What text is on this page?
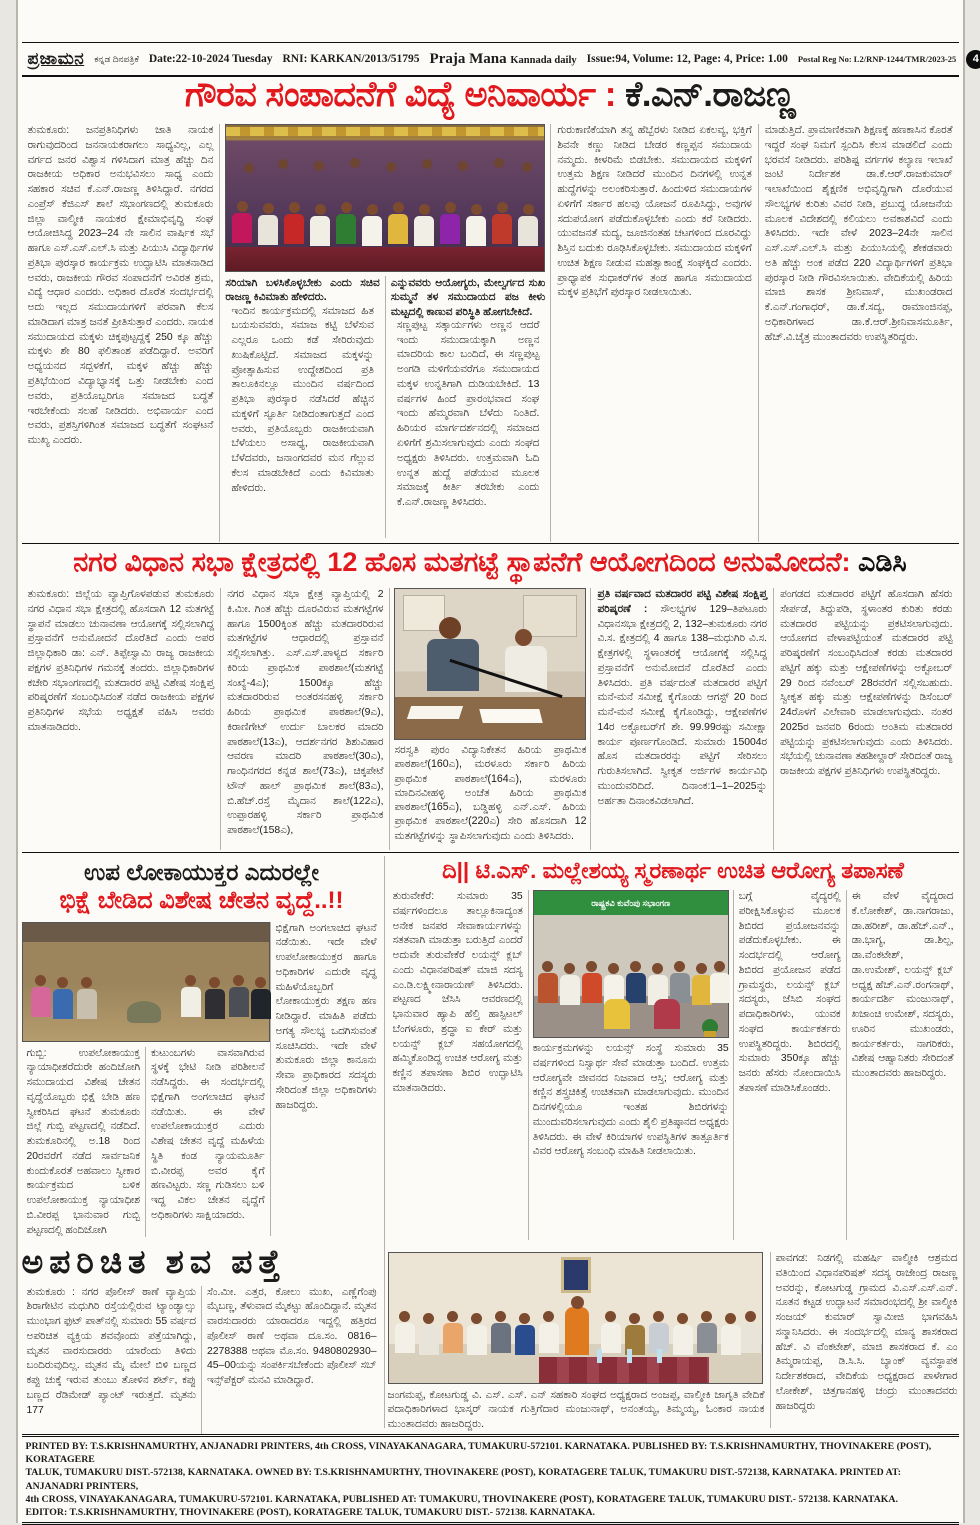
ಪ್ರಜಾಮನ ಕನ್ನಡ ದಿನಪತ್ರಿಕೆ Date:22-10-2024 Tuesday RNI: KARKAN/2013/51795 Praja Mana Kannada daily Issue:94, Volume: 12, Page: 4, Price: 1.00 Postal Reg No: L2/RNP-1244/TMR/2023-25	4
ಗೌರವ ಸಂಪಾದನೆಗೆ ವಿದ್ಯೆ ಅನಿವಾರ್ಯ : ಕೆ.ಎನ್.ರಾಜಣ್ಣ
ತುಮಕೂರು: ಜನಪ್ರತಿನಿಧಿಗಳು ಜಾತಿ ನಾಯಕ ರಾಗುವುದರಿಂದ ಜನನಾಯಕರಾಗಲು ಸಾಧ್ಯವಿಲ್ಲ, ಎಲ್ಲ ವರ್ಗದ ಜನರ ವಿಶ್ವಾಸ ಗಳಿಸಿದಾಗ ಮಾತ್ರ ಹೆಚ್ಚು ದಿನ ರಾಜಕೀಯ ಅಧಿಕಾರ ಅನುಭವಿಸಲು ಸಾಧ್ಯ ಎಂದು ಸಹಕಾರ ಸಚಿವ ಕೆ.ಎನ್.ರಾಜಣ್ಣ ತಿಳಿಸಿದ್ದಾರೆ. ನಗರದ ಎಂಪ್ರೆಸ್ ಕೆಜಿಎಸ್ ಶಾಲೆ ಸಭಾಂಗಣದಲ್ಲಿ ತುಮಕೂರು ಜಿಲ್ಲಾ ವಾಲ್ಮೀಕಿ ನಾಯಕರ ಕ್ಷೇಮಾಭಿವೃದ್ಧಿ ಸಂಘ ಆಯೋಜಿಸಿದ್ದ 2023–24 ನೇ ಸಾಲಿನ ವಾರ್ಷಿಕ ಸಭೆ ಹಾಗೂ ಎಸ್.ಎಸ್.ಎಲ್.ಸಿ ಮತ್ತು ಪಿಯುಸಿ ವಿದ್ಯಾರ್ಥಿಗಳ ಪ್ರತಿಭಾ ಪುರಸ್ಕಾರ ಕಾರ್ಯಕ್ರಮ ಉದ್ಘಾಟಿಸಿ ಮಾತನಾಡಿದ ಅವರು, ರಾಜಕೀಯ ಗೌರವ ಸಂಪಾದನೆಗೆ ಅವಿರತ ಶ್ರಮ, ವಿದ್ಯೆ ಆಧಾರ ಎಂದರು. ಅಧಿಕಾರ ದೊರೆತ ಸಂದರ್ಭದಲ್ಲಿ ಅದು ಇಲ್ಲದ ಸಮುದಾಯಗಳಿಗೆ ಪರವಾಗಿ ಕೆಲಸ ಮಾಡಿದಾಗ ಮಾತ್ರ ಜನತೆ ಪ್ರೀತಿಸುತ್ತಾರೆ ಎಂದರು. ನಾಯಕ ಸಮುದಾಯದ ಮಕ್ಕಳು ಚಿಕ್ಕಪುಟ್ಟದ್ದಕ್ಕೆ 250 ಕ್ಕೂ ಹೆಚ್ಚು ಮಕ್ಕಳು ಶೇ 80 ಫಲಿತಾಂಶ ಪಡೆದಿದ್ದಾರೆ. ಅವರಿಗೆ ಅಧ್ಯಯನದ ಸದ್ಬಳಕೆಗೆ, ಮಕ್ಕಳ ಹೆಚ್ಚು ಹೆಚ್ಚು ಪ್ರತಿಭೆಯಿಂದ ವಿದ್ಯಾಭ್ಯಾಸಕ್ಕೆ ಒತ್ತು ನೀಡಬೇಕು ಎಂದ ಅವರು, ಪ್ರತಿಯೊಬ್ಬರಿಗೂ ಸಮಾಜದ ಬದ್ಧತೆ ಇರಬೇಕೆಂದು ಸಲಹೆ ನೀಡಿದರು. ಅಭಿವಾರ್ಯ ಎಂದ ಅವರು, ಪ್ರಶಸ್ತಿಗಳಿಗಿಂತ ಸಮಾಜದ ಬದ್ಧತೆಗೆ ಸಂಘಟನೆ ಮುಖ್ಯ ಎಂದರು.
ಸರಿಯಾಗಿ ಬಳಸಿಕೊಳ್ಳಬೇಕು ಎಂದು ಸಚಿವ ರಾಜಣ್ಣ ಕಿವಿಮಾತು ಹೇಳಿದರು.
ಇಂದಿನ ಕಾರ್ಯಕ್ರಮದಲ್ಲಿ ಸಮಾಜದ ಹಿತ ಬಯಸುವವರು, ಸಮಾಜ ಕಟ್ಟಿ ಬೆಳೆಸುವ ಎಲ್ಲರೂ ಒಂದು ಕಡೆ ಸೇರಿರುವುದು ಖುಷಿಕೊಟ್ಟಿದೆ. ಸಮಾಜದ ಮಕ್ಕಳನ್ನು ಪ್ರೋತ್ಸಾಹಿಸುವ ಉದ್ದೇಶದಿಂದ ಪ್ರತಿ ತಾಲೂಕಿನಲ್ಲೂ ಮುಂದಿನ ವರ್ಷದಿಂದ ಪ್ರತಿಭಾ ಪುರಸ್ಕಾರ ನಡೆಸಿದರೆ ಹೆಚ್ಚಿನ ಮಕ್ಕಳಿಗೆ ಸ್ಫೂರ್ತಿ ನೀಡಿದಂತಾಗುತ್ತದೆ ಎಂದ ಅವರು, ಪ್ರತಿಯೊಬ್ಬರು ರಾಜಕೀಯವಾಗಿ ಬೆಳೆಯಲು ಅಸಾಧ್ಯ, ರಾಜಕೀಯವಾಗಿ ಬೆಳೆದವರು, ಜನಾಂಗದವರ ಮನ ಗೆಲ್ಲುವ ಕೆಲಸ ಮಾಡಬೇಕಿದೆ ಎಂದು ಕಿವಿಮಾತು ಹೇಳಿದರು.
ಎನ್ನುವವರು ಆಯೋಗ್ಯರು, ಮೇಲ್ವರ್ಗದ ಸುಖ ಸುಮ್ಮನೆ ತಳ ಸಮುದಾಯದ ಪಜ ಕೀಳು ಮಟ್ಟದಲ್ಲಿ ಕಾಣುವ ಪರಿಸ್ಥಿತಿ ಹೋಗಬೇಕಿದೆ.
ಸಣ್ಣಪುಟ್ಟ ಸತ್ಕಾರ್ಯಗಳು ಅಣ್ಣನ ಆದರೆ ಇಂದು ಸಮುದಾಯಕ್ಕಾಗಿ ಅಣ್ಣನ ಮಾದರಿಯ ಕಾಲ ಬಂದಿದೆ, ಈ ಸಣ್ಣಪುಟ್ಟ ಅಂಗಡಿ ಮಳಿಗೆಯವರೆಗೂ ಸಮುದಾಯದ ಮಕ್ಕಳ ಉನ್ನತಿಗಾಗಿ ದುಡಿಯಬೇಕಿದೆ. 13 ವರ್ಷಗಳ ಹಿಂದೆ ಪ್ರಾರಂಭವಾದ ಸಂಘ ಇಂದು ಹೆಮ್ಮರವಾಗಿ ಬೆಳೆದು ನಿಂತಿದೆ. ಹಿರಿಯರ ಮಾರ್ಗದರ್ಶನದಲ್ಲಿ ಸಮಾಜದ ಏಳಿಗೆಗೆ ಶ್ರಮಿಸಲಾಗುವುದು ಎಂದು ಸಂಘದ ಅಧ್ಯಕ್ಷರು ತಿಳಿಸಿದರು. ಉತ್ತಮವಾಗಿ ಓದಿ ಉನ್ನತ ಹುದ್ದೆ ಪಡೆಯುವ ಮೂಲಕ ಸಮಾಜಕ್ಕೆ ಕೀರ್ತಿ ತರಬೇಕು ಎಂದು ಕೆ.ಎನ್.ರಾಜಣ್ಣ ತಿಳಿಸಿದರು.
ಗುರುಕಾಣಿಕೆಯಾಗಿ ತನ್ನ ಹೆಬ್ಬೆರಳು ನೀಡಿದ ಏಕಲವ್ಯ, ಭಕ್ತಿಗೆ ಶಿವನೇ ಕಣ್ಣು ನೀಡಿದ ಬೇಡರ ಕಣ್ಣಪ್ಪನ ಸಮುದಾಯ ನಮ್ಮದು. ಕೀಳರಿಮೆ ಬಿಡಬೇಕು. ಸಮುದಾಯದ ಮಕ್ಕಳಿಗೆ ಉತ್ತಮ ಶಿಕ್ಷಣ ನೀಡಿದರೆ ಮುಂದಿನ ದಿನಗಳಲ್ಲಿ ಉನ್ನತ ಹುದ್ದೆಗಳನ್ನು ಅಲಂಕರಿಸುತ್ತಾರೆ. ಹಿಂದುಳಿದ ಸಮುದಾಯಗಳ ಏಳಿಗೆಗೆ ಸರ್ಕಾರ ಹಲವು ಯೋಜನೆ ರೂಪಿಸಿದ್ದು, ಅವುಗಳ ಸದುಪಯೋಗ ಪಡೆದುಕೊಳ್ಳಬೇಕು ಎಂದು ಕರೆ ನೀಡಿದರು. ಯುವಜನತೆ ಮದ್ಯ, ಜೂಜಿನಂತಹ ಚಟಗಳಿಂದ ದೂರವಿದ್ದು ಶಿಸ್ತಿನ ಬದುಕು ರೂಢಿಸಿಕೊಳ್ಳಬೇಕು. ಸಮುದಾಯದ ಮಕ್ಕಳಿಗೆ ಉಚಿತ ಶಿಕ್ಷಣ ನೀಡುವ ಮಹತ್ವಾಕಾಂಕ್ಷೆ ಸಂಘಕ್ಕಿದೆ ಎಂದರು. ಪ್ರಾಧ್ಯಾಪಕ ಸುಧಾಕರ್‌ಗಳ ತಂಡ ಹಾಗೂ ಸಮುದಾಯದ ಮಕ್ಕಳ ಪ್ರತಿಭೆಗೆ ಪುರಸ್ಕಾರ ನೀಡಲಾಯಿತು.
ಮಾಡುತ್ತಿದೆ. ಪ್ರಾಮಾಣಿಕವಾಗಿ ಶಿಕ್ಷಣಕ್ಕೆ ಹಣಕಾಸಿನ ಕೊರತೆ ಇದ್ದರೆ ಸಂಘ ನಿಮಗೆ ಸ್ಪಂದಿಸಿ ಕೆಲಸ ಮಾಡಲಿದೆ ಎಂದು ಭರವಸೆ ನೀಡಿದರು. ಪರಿಶಿಷ್ಟ ವರ್ಗಗಳ ಕಲ್ಯಾಣ ಇಲಾಖೆ ಜಂಟಿ ನಿರ್ದೇಶಕ ಡಾ.ಕೆ.ಆರ್.ರಾಜಕುಮಾರ್ ಇಲಾಖೆಯಿಂದ ಶೈಕ್ಷಣಿಕ ಅಭಿವೃದ್ಧಿಗಾಗಿ ದೊರೆಯುವ ಸೌಲಭ್ಯಗಳ ಕುರಿತು ವಿವರ ನೀಡಿ, ಪ್ರಬುದ್ಧ ಯೋಜನೆಯ ಮೂಲಕ ವಿದೇಶದಲ್ಲಿ ಕಲಿಯಲು ಅವಕಾಶವಿದೆ ಎಂದು ತಿಳಿಸಿದರು. ಇದೇ ವೇಳೆ 2023–24ನೇ ಸಾಲಿನ ಎಸ್.ಎಸ್.ಎಲ್.ಸಿ ಮತ್ತು ಪಿಯುಸಿಯಲ್ಲಿ ಶೇಕಡವಾರು ಅತಿ ಹೆಚ್ಚು ಅಂಕ ಪಡೆದ 220 ವಿದ್ಯಾರ್ಥಿಗಳಿಗೆ ಪ್ರತಿಭಾ ಪುರಸ್ಕಾರ ನೀಡಿ ಗೌರವಿಸಲಾಯಿತು. ವೇದಿಕೆಯಲ್ಲಿ ಹಿರಿಯ ಮಾಜಿ ಶಾಸಕ ಶ್ರೀನಿವಾಸ್, ಮುಖಂಡರಾದ ಕೆ.ಎನ್.ಗಂಗಾಧರ್, ಡಾ.ಕೆ.ಸದ್ಯ, ರಾಮಾಂಜಿನಪ್ಪ, ಅಧಿಕಾರಿಗಳಾದ ಡಾ.ಕೆ.ಆರ್.ಶ್ರೀನಿವಾಸಮೂರ್ತಿ, ಹೆಚ್.ವಿ.ಚೈತ್ರ ಮುಂತಾದವರು ಉಪಸ್ಥಿತರಿದ್ದರು.
ನಗರ ವಿಧಾನ ಸಭಾ ಕ್ಷೇತ್ರದಲ್ಲಿ 12 ಹೊಸ ಮತಗಟ್ಟೆ ಸ್ಥಾಪನೆಗೆ ಆಯೋಗದಿಂದ ಅನುಮೋದನೆ: ಎಡಿಸಿ
ತುಮಕೂರು: ಜಿಲ್ಲೆಯ ವ್ಯಾಪ್ತಿಗೊಳಪಡುವ ತುಮಕೂರು ನಗರ ವಿಧಾನ ಸಭಾ ಕ್ಷೇತ್ರದಲ್ಲಿ ಹೊಸದಾಗಿ 12 ಮತಗಟ್ಟೆ ಸ್ಥಾಪನೆ ಮಾಡಲು ಚುನಾವಣಾ ಆಯೋಗಕ್ಕೆ ಸಲ್ಲಿಸಲಾಗಿದ್ದ ಪ್ರಸ್ತಾವನೆಗೆ ಅನುಮೋದನೆ ದೊರೆತಿದೆ ಎಂದು ಅಪರ ಜಿಲ್ಲಾಧಿಕಾರಿ ಡಾ: ಎನ್. ತಿಪ್ಪೇಸ್ವಾಮಿ ರಾಜ್ಯ ರಾಜಕೀಯ ಪಕ್ಷಗಳ ಪ್ರತಿನಿಧಿಗಳ ಗಮನಕ್ಕೆ ತಂದರು. ಜಿಲ್ಲಾಧಿಕಾರಿಗಳ ಕಚೇರಿ ಸಭಾಂಗಣದಲ್ಲಿ ಮತದಾರರ ಪಟ್ಟಿ ವಿಶೇಷ ಸಂಕ್ಷಿಪ್ತ ಪರಿಷ್ಕರಣೆಗೆ ಸಂಬಂಧಿಸಿದಂತೆ ನಡೆದ ರಾಜಕೀಯ ಪಕ್ಷಗಳ ಪ್ರತಿನಿಧಿಗಳ ಸಭೆಯ ಅಧ್ಯಕ್ಷತೆ ವಹಿಸಿ ಅವರು ಮಾತನಾಡಿದರು.
ನಗರ ವಿಧಾನ ಸಭಾ ಕ್ಷೇತ್ರ ವ್ಯಾಪ್ತಿಯಲ್ಲಿ 2 ಕಿ.ಮೀ. ಗಿಂತ ಹೆಚ್ಚು ದೂರವಿರುವ ಮತಗಟ್ಟೆಗಳ ಹಾಗೂ 1500ಕ್ಕಿಂತ ಹೆಚ್ಚು ಮತದಾರರಿರುವ ಮತಗಟ್ಟೆಗಳ ಆಧಾರದಲ್ಲಿ ಪ್ರಸ್ತಾವನೆ ಸಲ್ಲಿಸಲಾಗಿತ್ತು. ಎಸ್.ಎಸ್.ಪಾಳ್ಯದ ಸರ್ಕಾರಿ ಕಿರಿಯ ಪ್ರಾಥಮಿಕ ಪಾಠಶಾಲೆ(ಮತಗಟ್ಟೆ ಸಂಖ್ಯೆ-4ಎ); 1500ಕ್ಕೂ ಹೆಚ್ಚು ಮತದಾರರಿರುವ ಅಂತರಸನಹಳ್ಳಿ ಸರ್ಕಾರಿ ಹಿರಿಯ ಪ್ರಾಥಮಿಕ ಪಾಠಶಾಲೆ(9ಎ), ಕಿರಾಣಿಗೇಟ್ ಉರ್ದು ಬಾಲಕರ ಮಾದರಿ ಪಾಠಶಾಲೆ(13ಎ), ಆದರ್ಶನಗರ ಶಿಶುವಿಹಾರ ಆವರಣ ಮಾದರಿ ಪಾಠಶಾಲೆ(30ಎ), ಗಾಂಧಿನಗರದ ಕನ್ನಡ ಶಾಲೆ(73ಎ), ಚಿಕ್ಕಪೇಟೆ ಟೌನ್ ಹಾಲ್ ಪ್ರಾಥಮಿಕ ಶಾಲೆ(83ಎ), ಬಿ.ಹೆಚ್.ರಸ್ತೆ ಮೈದಾನ ಶಾಲೆ(122ಎ), ಉಪ್ಪಾರಹಳ್ಳಿ ಸರ್ಕಾರಿ ಪ್ರಾಥಮಿಕ ಪಾಠಶಾಲೆ(158ಎ),
ಸರಸ್ವತಿ ಪುರಂ ವಿದ್ಯಾನಿಕೇತನ ಹಿರಿಯ ಪ್ರಾಥಮಿಕ ಪಾಠಶಾಲೆ(160ಎ), ಮರಳೂರು ಸರ್ಕಾರಿ ಹಿರಿಯ ಪ್ರಾಥಮಿಕ ಪಾಠಶಾಲೆ(164ಎ), ಮರಳೂರು ಮಾದಿನವೀಹಳ್ಳಿ ಅಂಚೆತ ಹಿರಿಯ ಪ್ರಾಥಮಿಕ ಪಾಠಶಾಲೆ(165ಎ), ಬಡ್ಡಿಹಳ್ಳಿ ಎನ್.ಎಸ್. ಹಿರಿಯ ಪ್ರಾಥಮಿಕ ಪಾಠಶಾಲೆ(220ಎ) ಸೇರಿ ಹೊಸದಾಗಿ 12 ಮತಗಟ್ಟೆಗಳನ್ನು ಸ್ಥಾಪಿಸಲಾಗುವುದು ಎಂದು ತಿಳಿಸಿದರು.
ಪ್ರತಿ ವರ್ಷವಾದ ಮತದಾರರ ಪಟ್ಟಿ ವಿಶೇಷ ಸಂಕ್ಷಿಪ್ತ ಪರಿಷ್ಕರಣೆ : ಸೌಲಭ್ಯಗಳ 129–ತಿಪಟೂರು ವಿಧಾನಸಭಾ ಕ್ಷೇತ್ರದಲ್ಲಿ 2, 132–ತುಮಕೂರು ನಗರ ವಿ.ಸ. ಕ್ಷೇತ್ರದಲ್ಲಿ 4 ಹಾಗೂ 138–ಮಧುಗಿರಿ ವಿ.ಸ. ಕ್ಷೇತ್ರಗಳಲ್ಲಿ ಸ್ಥಳಾಂತರಕ್ಕೆ ಆಯೋಗಕ್ಕೆ ಸಲ್ಲಿಸಿದ್ದ ಪ್ರಸ್ತಾವನೆಗೆ ಅನುಮೋದನೆ ದೊರೆತಿದೆ ಎಂದು ತಿಳಿಸಿದರು. ಪ್ರತಿ ವರ್ಷದಂತೆ ಮತದಾರರ ಪಟ್ಟಿಗೆ ಮನೆ-ಮನೆ ಸಮೀಕ್ಷೆ ಕೈಗೊಂಡು ಆಗಸ್ಟ್ 20 ರಿಂದ ಮನೆ-ಮನೆ ಸಮೀಕ್ಷೆ ಕೈಗೊಂಡಿದ್ದು, ಆಕ್ಷೇಪಣೆಗಳ 14ರ ಅಕ್ಟೋಬರ್‌ಗೆ ಶೇ. 99.99ರಷ್ಟು ಸಮೀಕ್ಷಾ ಕಾರ್ಯ ಪೂರ್ಣಗೊಂಡಿದೆ. ಸುಮಾರು 15004ರ ಹೊಸ ಮತದಾರರನ್ನು ಪಟ್ಟಿಗೆ ಸೇರಿಸಲು ಗುರುತಿಸಲಾಗಿದೆ. ಸ್ವೀಕೃತ ಅರ್ಜಿಗಳ ಕಾರ್ಯವಿಧಿ ಮುಂದುವರಿದಿದೆ. ದಿನಾಂಕ:1–1–2025ನ್ನು ಅರ್ಹತಾ ದಿನಾಂಕವಿಡಲಾಗಿದೆ.
ಪಂಗಡದ ಮತದಾರರ ಪಟ್ಟಿಗೆ ಹೊಸದಾಗಿ ಹೆಸರು ಸೇರ್ಪಡೆ, ತಿದ್ದುಪಡಿ, ಸ್ಥಳಾಂತರ ಕುರಿತು ಕರಡು ಮತದಾರರ ಪಟ್ಟಿಯನ್ನು ಪ್ರಕಟಿಸಲಾಗುವುದು. ಆಯೋಗದ ವೇಳಾಪಟ್ಟಿಯಂತೆ ಮತದಾರರ ಪಟ್ಟಿ ಪರಿಷ್ಕರಣೆಗೆ ಸಂಬಂಧಿಸಿದಂತೆ ಕರಡು ಮತದಾರರ ಪಟ್ಟಿಗೆ ಹಕ್ಕು ಮತ್ತು ಆಕ್ಷೇಪಣೆಗಳನ್ನು ಅಕ್ಟೋಬರ್ 29 ರಿಂದ ನವೆಂಬರ್ 28ರವರೆಗೆ ಸಲ್ಲಿಸಬಹುದು. ಸ್ವೀಕೃತ ಹಕ್ಕು ಮತ್ತು ಆಕ್ಷೇಪಣೆಗಳನ್ನು ಡಿಸೆಂಬರ್ 24ರೊಳಗೆ ವಿಲೇವಾರಿ ಮಾಡಲಾಗುವುದು. ನಂತರ 2025ರ ಜನವರಿ 6ರಂದು ಅಂತಿಮ ಮತದಾರರ ಪಟ್ಟಿಯನ್ನು ಪ್ರಕಟಿಸಲಾಗುವುದು ಎಂದು ತಿಳಿಸಿದರು. ಸಭೆಯಲ್ಲಿ ಚುನಾವಣಾ ತಹಶೀಲ್ದಾರ್ ಸೇರಿದಂತೆ ರಾಜ್ಯ ರಾಜಕೀಯ ಪಕ್ಷಗಳ ಪ್ರತಿನಿಧಿಗಳು ಉಪಸ್ಥಿತರಿದ್ದರು.
ಉಪ ಲೋಕಾಯುಕ್ತರ ಎದುರಲ್ಲೇ
ಭಿಕ್ಷೆ ಬೇಡಿದ ವಿಶೇಷ ಚೇತನ ವೃದ್ದೆ..!!
ಗುಬ್ಬಿ: ಉಪಲೋಕಾಯುಕ್ತ ನ್ಯಾಯಾಧೀಶರೆದುರೇ ಹಂದಿಜೋಗಿ ಸಮುದಾಯದ ವಿಶೇಷ ಚೇತನ ವೃದ್ದೆಯೊಬ್ಬರು ಭಿಕ್ಷೆ ಬೇಡಿ ಹಣ ಸ್ವೀಕರಿಸಿದ ಘಟನೆ ತುಮಕೂರು ಜಿಲ್ಲೆ ಗುಬ್ಬಿ ಪಟ್ಟಣದಲ್ಲಿ ನಡೆದಿದೆ. ತುಮಕೂರಿನಲ್ಲಿ ಅ.18 ರಿಂದ 20ರವರೆಗೆ ನಡೆದ ಸಾರ್ವಜನಿಕ ಕುಂದುಕೊರತೆ ಅಹವಾಲು ಸ್ವೀಕಾರ ಕಾರ್ಯಕ್ರಮದ ಬಳಿಕ ಉಪಲೋಕಾಯುಕ್ತ ನ್ಯಾಯಾಧೀಶ ಬಿ.ವೀರಪ್ಪ ಭಾನುವಾರ ಗುಬ್ಬಿ ಪಟ್ಟಣದಲ್ಲಿ ಹಂದಿಜೋಗಿ
ಕುಟುಂಬಗಳು ವಾಸವಾಗಿರುವ ಸ್ಥಳಕ್ಕೆ ಭೇಟಿ ನೀಡಿ ಪರಿಶೀಲನೆ ನಡೆಸಿದ್ದರು. ಈ ಸಂದರ್ಭದಲ್ಲಿ ಭಿಕ್ಷೆಗಾಗಿ ಅಂಗಲಾಚಿದ ಘಟನೆ ನಡೆಯಿತು. ಈ ವೇಳೆ ಉಪಲೋಕಾಯುಕ್ತರ ಎದುರು ವಿಶೇಷ ಚೇತನ ವೃದ್ದೆ ಮಹಿಳೆಯ ಸ್ಥಿತಿ ಕಂಡ ನ್ಯಾಯಮೂರ್ತಿ ಬಿ.ವೀರಪ್ಪ ಅವರ ಕೈಗೆ ಹಣವಿಟ್ಟರು. ಸಣ್ಣ ಗುಡಿಸಲು ಬಳಿ ಇದ್ದ ವಿಕಲ ಚೇತನ ವೃದ್ದೆಗೆ ಅಧಿಕಾರಿಗಳು ಸಾಕ್ಷಿಯಾದರು.
ಭಿಕ್ಷೆಗಾಗಿ ಅಂಗಲಾಚಿದ ಘಟನೆ ನಡೆಯಿತು. ಇದೇ ವೇಳೆ ಉಪಲೋಕಾಯುಕ್ತರ ಹಾಗೂ ಅಧಿಕಾರಿಗಳ ಎದುರೇ ವೃದ್ಧ ಮಹಿಳೆಯೊಬ್ಬರಿಗೆ ಲೋಕಾಯುಕ್ತರು ತಕ್ಷಣ ಹಣ ನೀಡಿದ್ದಾರೆ. ಮಾಹಿತಿ ಪಡೆದು ಅಗತ್ಯ ಸೌಲಭ್ಯ ಒದಗಿಸುವಂತೆ ಸೂಚಿಸಿದರು. ಇದೇ ವೇಳೆ ತುಮಕೂರು ಜಿಲ್ಲಾ ಕಾನೂನು ಸೇವಾ ಪ್ರಾಧಿಕಾರದ ಸದಸ್ಯರು ಸೇರಿದಂತೆ ಜಿಲ್ಲಾ ಅಧಿಕಾರಿಗಳು ಹಾಜರಿದ್ದರು.
ಅಪರಿಚಿತ ಶವ ಪತ್ತೆ
ತುಮಕೂರು : ನಗರ ಪೊಲೀಸ್ ಠಾಣೆ ವ್ಯಾಪ್ತಿಯ ಶಿರಾಗೇಟಿನ ಮಧುಗಿರಿ ರಸ್ತೆಯಲ್ಲಿರುವ ಟ್ಯಾಂಡ್ಯಾಲ್ಸು ಮುಂಭಾಗ ಫುಟ್ ಪಾತ್‌ನಲ್ಲಿ ಸುಮಾರು 55 ವರ್ಷದ ಅಪರಿಚಿತ ವ್ಯಕ್ತಿಯ ಶವವೊಂದು ಪತ್ತೆಯಾಗಿದ್ದು, ಮೃತನ ವಾರಸುದಾರರು ಯಾರೆಂದು ತಿಳಿದು ಬಂದಿರುವುದಿಲ್ಲ. ಮೃತನ ಮೈ ಮೇಲೆ ಬಿಳಿ ಬಣ್ಣದ ಕಪ್ಪು ಚುಕ್ಕೆ ಇರುವ ತುಂಬು ತೋಳಿನ ಶರ್ಟ್, ಕಪ್ಪು ಬಣ್ಣದ ರೆಡಿಮೇಡ್ ಪ್ಯಾಂಟ್ ಇರುತ್ತದೆ. ಮೃತನು 177
ಸೆಂ.ಮೀ. ಎತ್ತರ, ಕೋಲು ಮುಖ, ಎಣ್ಣೆಗೆಂಪು ಮೈಬಣ್ಣ, ತೆಳುವಾದ ಮೈಕಟ್ಟು ಹೊಂದಿದ್ದಾನೆ. ಮೃತನ ವಾರಸುದಾರರು ಯಾರಾದರೂ ಇದ್ದಲ್ಲಿ ಹತ್ತಿರದ ಪೊಲೀಸ್ ಠಾಣೆ ಅಥವಾ ದೂ.ಸಂ. 0816–2278388 ಅಥವಾ ಮೊ.ಸಂ. 9480802930–45–00ಯನ್ನು ಸಂಪರ್ಕಿಸಬೇಕೆಂದು ಪೊಲೀಸ್ ಸಬ್ ಇನ್ಸ್‌ಪೆಕ್ಟರ್ ಮನವಿ ಮಾಡಿದ್ದಾರೆ.
ದಿ|| ಟಿ.ಎಸ್. ಮಲ್ಲೇಶಯ್ಯ ಸ್ಮರಣಾರ್ಥ ಉಚಿತ ಆರೋಗ್ಯ ತಪಾಸಣೆ
ತುರುವೇಕೆರೆ: ಸುಮಾರು 35 ವರ್ಷಗಳಿಂದಲೂ ತಾಲ್ಲೂಕಿನಾದ್ಯಂತ ಅನೇಕ ಜನಪರ ಸೇವಾಕಾರ್ಯಗಳನ್ನು ಸತತವಾಗಿ ಮಾಡುತ್ತಾ ಬರುತ್ತಿದೆ ಎಂದರೆ ಅದುವೇ ತುರುವೇಕೆರೆ ಲಯನ್ಸ್ ಕ್ಲಬ್ ಎಂದು ವಿಧಾನಪರಿಷತ್ ಮಾಜಿ ಸದಸ್ಯ ಎಂ.ಡಿ.ಲಕ್ಷ್ಮೀನಾರಾಯಣ್ ತಿಳಿಸಿದರು. ಪಟ್ಟಣದ ಜೆಸಿಸಿ ಆವರಣದಲ್ಲಿ ಭಾನುವಾರ ಹ್ಯಾಪಿ ಹೆಲ್ತಿ ಹಾಸ್ಪಿಟಲ್ ಬೆಂಗಳೂರು, ಶ್ರದ್ಧಾ ಐ ಕೇರ್ ಮತ್ತು ಲಯನ್ಸ್ ಕ್ಲಬ್ ಸಹಯೋಗದಲ್ಲಿ ಹಮ್ಮಿಕೊಂಡಿದ್ದ ಉಚಿತ ಆರೋಗ್ಯ ಮತ್ತು ಕಣ್ಣಿನ ತಪಾಸಣಾ ಶಿಬಿರ ಉದ್ಘಾಟಿಸಿ ಮಾತನಾಡಿದರು.
ರಾಷ್ಟ್ರಕವಿ ಕುವೆಂಪು ಸಭಾಂಗಣ
ಕಾರ್ಯಕ್ರಮಗಳನ್ನು ಲಯನ್ಸ್ ಸಂಸ್ಥೆ ಸುಮಾರು 35 ವರ್ಷಗಳಿಂದ ನಿಸ್ವಾರ್ಥ ಸೇವೆ ಮಾಡುತ್ತಾ ಬಂದಿದೆ. ಉತ್ತಮ ಆರೋಗ್ಯವೇ ಜೀವನದ ನಿಜವಾದ ಆಸ್ತಿ; ಆರೋಗ್ಯ ಮತ್ತು ಕಣ್ಣಿನ ಶಸ್ತ್ರಚಿಕಿತ್ಸೆ ಉಚಿತವಾಗಿ ಮಾಡಲಾಗುವುದು. ಮುಂದಿನ ದಿನಗಳಲ್ಲಿಯೂ ಇಂತಹ ಶಿಬಿರಗಳನ್ನು ಮುಂದುವರಿಸಲಾಗುವುದು ಎಂದು ಶೈಲಿ ಪ್ರತಿಷ್ಠಾನದ ಅಧ್ಯಕ್ಷರು ತಿಳಿಸಿದರು. ಈ ವೇಳೆ ಕಿರಿಯಾಗಳ ಉಪಸ್ಥಿತಿಗಳ ತಾತ್ಪೂರ್ತಿಕ ವಿವರ ಆರೋಗ್ಯ ಸಂಬಂಧಿ ಮಾಹಿತಿ ನೀಡಲಾಯಿತು.
ಬಗ್ಗೆ ವೈದ್ಯರಲ್ಲಿ ಪರೀಕ್ಷಿಸಿಕೊಳ್ಳುವ ಮೂಲಕ ಶಿಬಿರದ ಪ್ರಯೋಜನವನ್ನು ಪಡೆದುಕೊಳ್ಳಬೇಕು. ಈ ಸಂದರ್ಭದಲ್ಲಿ ಆರೋಗ್ಯ ಶಿಬಿರದ ಪ್ರಯೋಜನ ಪಡೆದ ಗ್ರಾಮಸ್ಥರು, ಲಯನ್ಸ್ ಕ್ಲಬ್ ಸದಸ್ಯರು, ಜೆಸಿಬಿ ಸಂಘದ ಪದಾಧಿಕಾರಿಗಳು, ಯುವಕ ಸಂಘದ ಕಾರ್ಯಕರ್ತರು ಉಪಸ್ಥಿತರಿದ್ದರು. ಶಿಬಿರದಲ್ಲಿ ಸುಮಾರು 350ಕ್ಕೂ ಹೆಚ್ಚು ಜನರು ಹೆಸರು ನೋಂದಾಯಿಸಿ ತಪಾಸಣೆ ಮಾಡಿಸಿಕೊಂಡರು.
ಈ ವೇಳೆ ವೈದ್ಯರಾದ ಕೆ.ಲೋಕೇಶ್, ಡಾ.ನಾಗರಾಜು, ಡಾ.ಹರೀಶ್, ಡಾ.ಹೆಚ್.ಎನ್., ಡಾ.ಭಾಗ್ಯ, ಡಾ.ಶಿಲ್ಪ, ಡಾ.ವೆಂಕಟೇಶ್, ಡಾ.ಉಮೇಶ್, ಲಯನ್ಸ್ ಕ್ಲಬ್ ಅಧ್ಯಕ್ಷ ಹೆಚ್.ಎನ್.ರಂಗನಾಥ್, ಕಾರ್ಯದರ್ಶಿ ಮಂಜುನಾಥ್, ಖಜಾಂಚಿ ಉಮೇಶ್, ಸದಸ್ಯರು, ಊರಿನ ಮುಖಂಡರು, ಕಾರ್ಯಕರ್ತರು, ನಾಗರಿಕರು, ವಿಶೇಷ ಆಹ್ವಾನಿತರು ಸೇರಿದಂತೆ ಮುಂತಾದವರು ಹಾಜರಿದ್ದರು.
ಜಂಗಮಪ್ಪ, ಕೋಟಗುಡ್ಡ ವಿ. ಎಸ್. ಎಸ್. ಎನ್ ಸಹಕಾರಿ ಸಂಘದ ಅಧ್ಯಕ್ಷರಾದ ಅಂಜಪ್ಪ, ವಾಲ್ಮೀಕಿ ಜಾಗೃತಿ ವೇದಿಕೆ ಪದಾಧಿಕಾರಿಗಳಾದ ಭಾಸ್ಕರ್ ನಾಯಕ ಗುತ್ತಿಗೆದಾರ ಮಂಜುನಾಥ್, ಅನಂತಯ್ಯ, ತಿಮ್ಮಯ್ಯ, ಓಂಕಾರ ನಾಯಕ ಮುಂತಾದವರು ಹಾಜರಿದ್ದರು.
ಪಾವಗಡ: ನಿಡಗಲ್ಲಿ ಮಹರ್ಷಿ ವಾಲ್ಮೀಕಿ ಆಶ್ರಮದ ವತಿಯಿಂದ ವಿಧಾನಪರಿಷತ್ ಸದಸ್ಯ ರಾಜೇಂದ್ರ ರಾಜಣ್ಣ ಅವರನ್ನು, ಕೋಟಗುಡ್ಡ ಗ್ರಾಮದ ವಿ.ಎಸ್.ಎಸ್.ಎನ್. ನೂತನ ಕಟ್ಟಡ ಉದ್ಘಾಟನೆ ಸಮಾರಂಭದಲ್ಲಿ ಶ್ರೀ ವಾಲ್ಮೀಕಿ ಸಂಜಯ್ ಕುಮಾರ್ ಸ್ವಾಮೀಜಿ ಭಾಗವಹಿಸಿ ಸನ್ಮಾನಿಸಿದರು. ಈ ಸಂದರ್ಭದಲ್ಲಿ ಮಾನ್ಯ ಶಾಸಕರಾದ ಹೆಚ್. ವಿ ವೆಂಕಟೇಶ್, ಮಾಜಿ ಶಾಸಕರಾದ ಕೆ. ಎಂ ತಿಮ್ಮರಾಯಪ್ಪ, ಡಿ.ಸಿ.ಸಿ. ಬ್ಯಾಂಕ್ ವ್ಯವಸ್ಥಾಪಕ ನಿರ್ದೇಶಕರಾದ, ವೇದಿಕೆಯ ಅಧ್ಯಕ್ಷರಾದ ಪಾಳೇಗಾರ ಲೋಕೇಶ್, ಚಿತ್ತಗಾನಹಳ್ಳಿ ಚಂದ್ರು ಮುಂತಾದವರು ಹಾಜರಿದ್ದರು
PRINTED BY: T.S.KRISHNAMURTHY, ANJANADRI PRINTERS, 4th CROSS, VINAYAKANAGARA, TUMAKURU-572101. KARNATAKA. PUBLISHED BY: T.S.KRISHNAMURTHY, THOVINAKERE (POST), KORATAGERE
TALUK, TUMAKURU DIST.-572138, KARNATAKA. OWNED BY: T.S.KRISHNAMURTHY, THOVINAKERE (POST), KORATAGERE TALUK, TUMAKURU DIST.-572138, KARNATAKA. PRINTED AT: ANJANADRI PRINTERS,
4th CROSS, VINAYAKANAGARA, TUMAKURU-572101. KARNATAKA, PUBLISHED AT: TUMAKURU, THOVINAKERE (POST), KORATAGERE TALUK, TUMAKURU DIST.- 572138. KARNATAKA.
EDITOR: T.S.KRISHNAMURTHY, THOVINAKERE (POST), KORATAGERE TALUK, TUMAKURU DIST.- 572138. KARNATAKA.
